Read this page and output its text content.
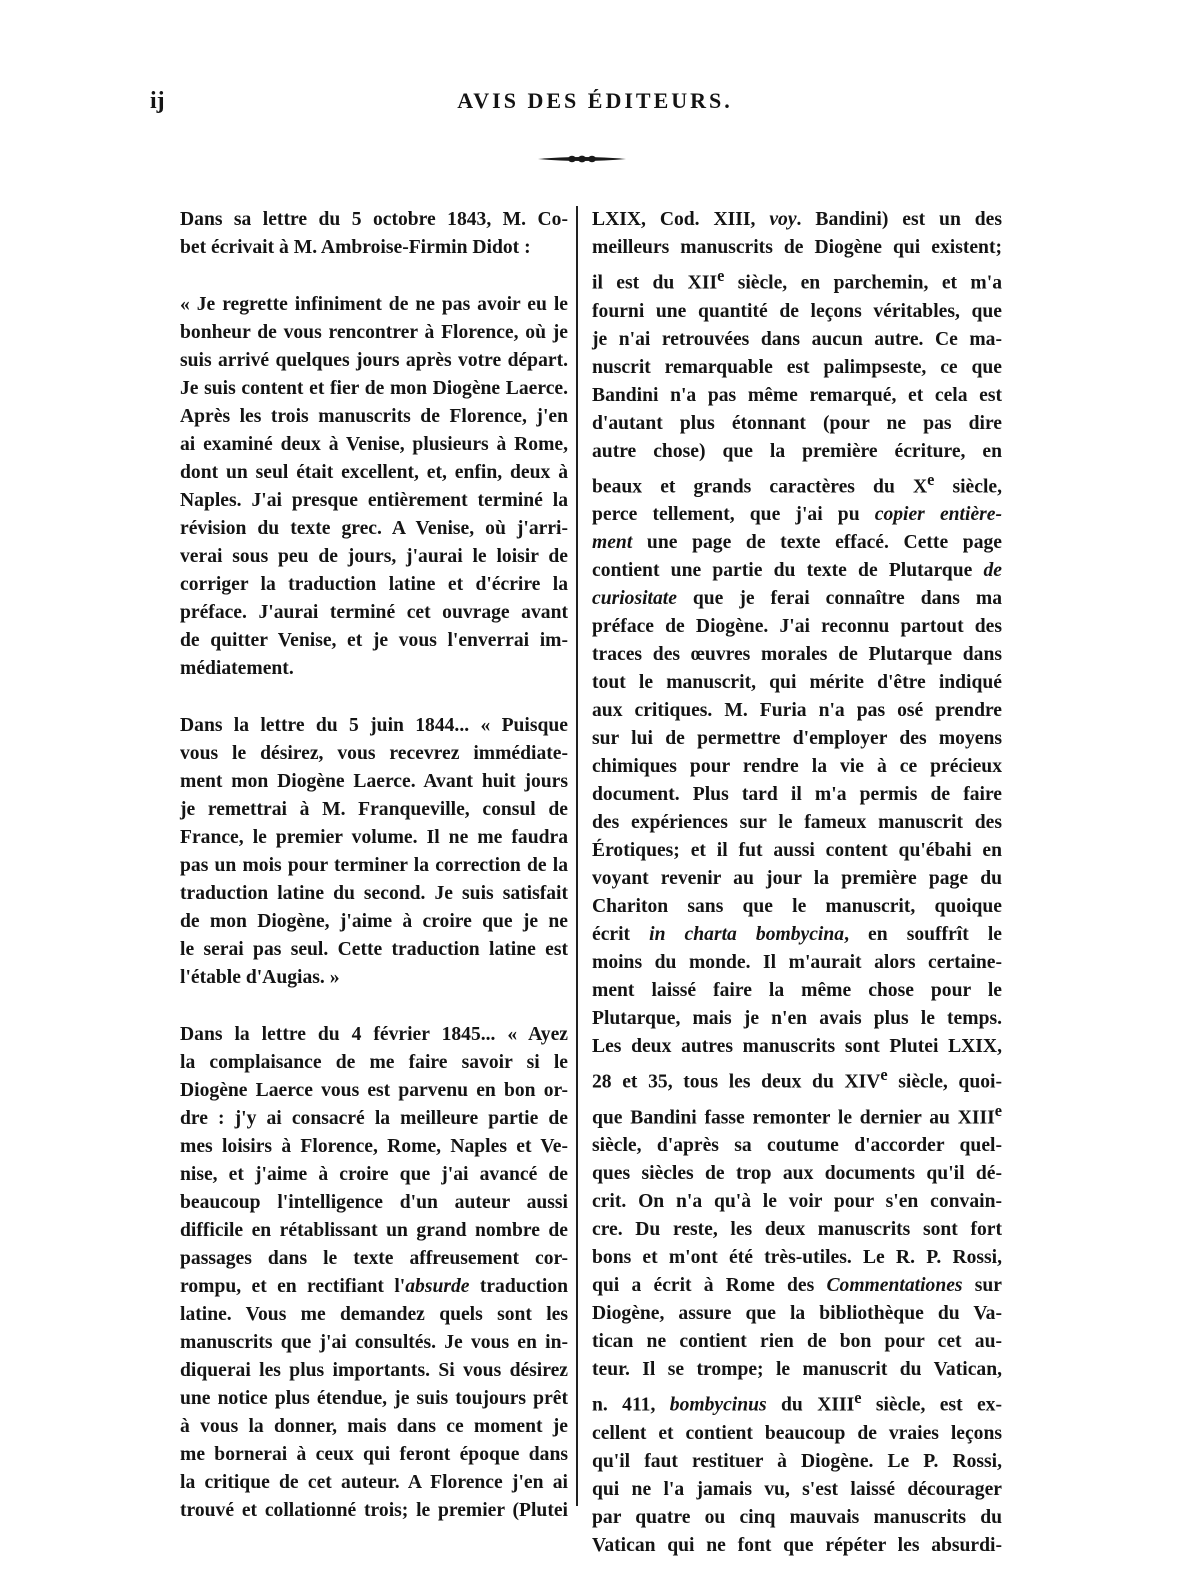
ij	AVIS DES ÉDITEURS.

Dans sa lettre du 5 octobre 1843, M. Co-
bet écrivait à M. Ambroise-Firmin Didot :

« Je regrette infiniment de ne pas avoir eu le
bonheur de vous rencontrer à Florence, où je
suis arrivé quelques jours après votre départ.
Je suis content et fier de mon Diogène Laerce.
Après les trois manuscrits de Florence, j'en
ai examiné deux à Venise, plusieurs à Rome,
dont un seul était excellent, et, enfin, deux à
Naples. J'ai presque entièrement terminé la
révision du texte grec. A Venise, où j'arri-
verai sous peu de jours, j'aurai le loisir de
corriger la traduction latine et d'écrire la
préface. J'aurai terminé cet ouvrage avant
de quitter Venise, et je vous l'enverrai im-
médiatement.

Dans la lettre du 5 juin 1844... « Puisque
vous le désirez, vous recevrez immédiate-
ment mon Diogène Laerce. Avant huit jours
je remettrai à M. Franqueville, consul de
France, le premier volume. Il ne me faudra
pas un mois pour terminer la correction de la
traduction latine du second. Je suis satisfait
de mon Diogène, j'aime à croire que je ne
le serai pas seul. Cette traduction latine est
l'étable d'Augias. »

Dans la lettre du 4 février 1845... « Ayez
la complaisance de me faire savoir si le
Diogène Laerce vous est parvenu en bon or-
dre : j'y ai consacré la meilleure partie de
mes loisirs à Florence, Rome, Naples et Ve-
nise, et j'aime à croire que j'ai avancé de
beaucoup l'intelligence d'un auteur aussi
difficile en rétablissant un grand nombre de
passages dans le texte affreusement cor-
rompu, et en rectifiant l'absurde traduction
latine. Vous me demandez quels sont les
manuscrits que j'ai consultés. Je vous en in-
diquerai les plus importants. Si vous désirez
une notice plus étendue, je suis toujours prêt
à vous la donner, mais dans ce moment je
me bornerai à ceux qui feront époque dans
la critique de cet auteur. A Florence j'en ai
trouvé et collationné trois; le premier (Plutei

LXIX, Cod. XIII, voy. Bandini) est un des
meilleurs manuscrits de Diogène qui existent;
il est du XIIe siècle, en parchemin, et m'a
fourni une quantité de leçons véritables, que
je n'ai retrouvées dans aucun autre. Ce ma-
nuscrit remarquable est palimpseste, ce que
Bandini n'a pas même remarqué, et cela est
d'autant plus étonnant (pour ne pas dire
autre chose) que la première écriture, en
beaux et grands caractères du Xe siècle,
perce tellement, que j'ai pu copier entière-
ment une page de texte effacé. Cette page
contient une partie du texte de Plutarque de
curiositate que je ferai connaître dans ma
préface de Diogène. J'ai reconnu partout des
traces des œuvres morales de Plutarque dans
tout le manuscrit, qui mérite d'être indiqué
aux critiques. M. Furia n'a pas osé prendre
sur lui de permettre d'employer des moyens
chimiques pour rendre la vie à ce précieux
document. Plus tard il m'a permis de faire
des expériences sur le fameux manuscrit des
Érotiques; et il fut aussi content qu'ébahi en
voyant revenir au jour la première page du
Chariton sans que le manuscrit, quoique
écrit in charta bombycina, en souffrît le
moins du monde. Il m'aurait alors certaine-
ment laissé faire la même chose pour le
Plutarque, mais je n'en avais plus le temps.
Les deux autres manuscrits sont Plutei LXIX,
28 et 35, tous les deux du XIVe siècle, quoi-
que Bandini fasse remonter le dernier au XIIIe
siècle, d'après sa coutume d'accorder quel-
ques siècles de trop aux documents qu'il dé-
crit. On n'a qu'à le voir pour s'en convain-
cre. Du reste, les deux manuscrits sont fort
bons et m'ont été très-utiles. Le R. P. Rossi,
qui a écrit à Rome des Commentationes sur
Diogène, assure que la bibliothèque du Va-
tican ne contient rien de bon pour cet au-
teur. Il se trompe; le manuscrit du Vatican,
n. 411, bombycinus du XIIIe siècle, est ex-
cellent et contient beaucoup de vraies leçons
qu'il faut restituer à Diogène. Le P. Rossi,
qui ne l'a jamais vu, s'est laissé décourager
par quatre ou cinq mauvais manuscrits du
Vatican qui ne font que répéter les absurdi-
